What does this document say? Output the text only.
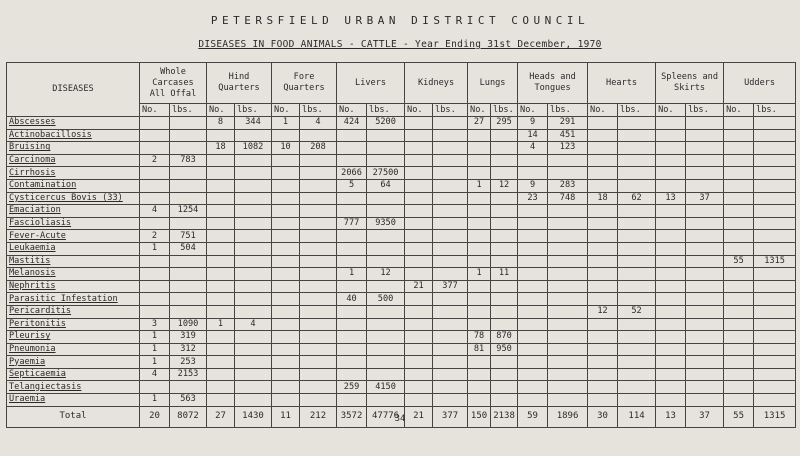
PETERSFIELD URBAN DISTRICT COUNCIL
DISEASES IN FOOD ANIMALS - CATTLE - Year Ending 31st December, 1970
DISEASES	Whole Carcases All Offal		Hind Quarters		Fore Quarters		Livers		Kidneys		Lungs		Heads and Tongues		Hearts		Spleens and Skirts		Udders	
	No.	lbs.	No.	lbs.	No.	lbs.	No.	lbs.	No.	lbs.	No.	lbs.	No.	lbs.	No.	lbs.	No.	lbs.	No.	lbs.
Abscesses			8	344	1	4	424	5200			27	295	9	291						
Actinobacillosis													14	451						
Bruising			18	1082	10	208							4	123						
Carcinoma	2	783																		
Cirrhosis							2066	27500												
Contamination							5	64			1	12	9	283						
Cysticercus Bovis (33)													23	748	18	62	13	37		
Emaciation	4	1254																		
Fascioliasis							777	9350												
Fever-Acute	2	751																		
Leukaemia	1	504																		
Mastitis																			55	1315
Melanosis							1	12			1	11								
Nephritis									21	377										
Parasitic Infestation							40	500												
Pericarditis															12	52				
Peritonitis	3	1090	1	4																
Pleurisy	1	319									78	870								
Pneumonia	1	312									81	950								
Pyaemia	1	253																		
Septicaemia	4	2153																		
Telangiectasis							259	4150												
Uraemia	1	563																		
Total	20	8072	27	1430	11	212	3572	47776	21	377	150	2138	59	1896	30	114	13	37	55	1315
34
